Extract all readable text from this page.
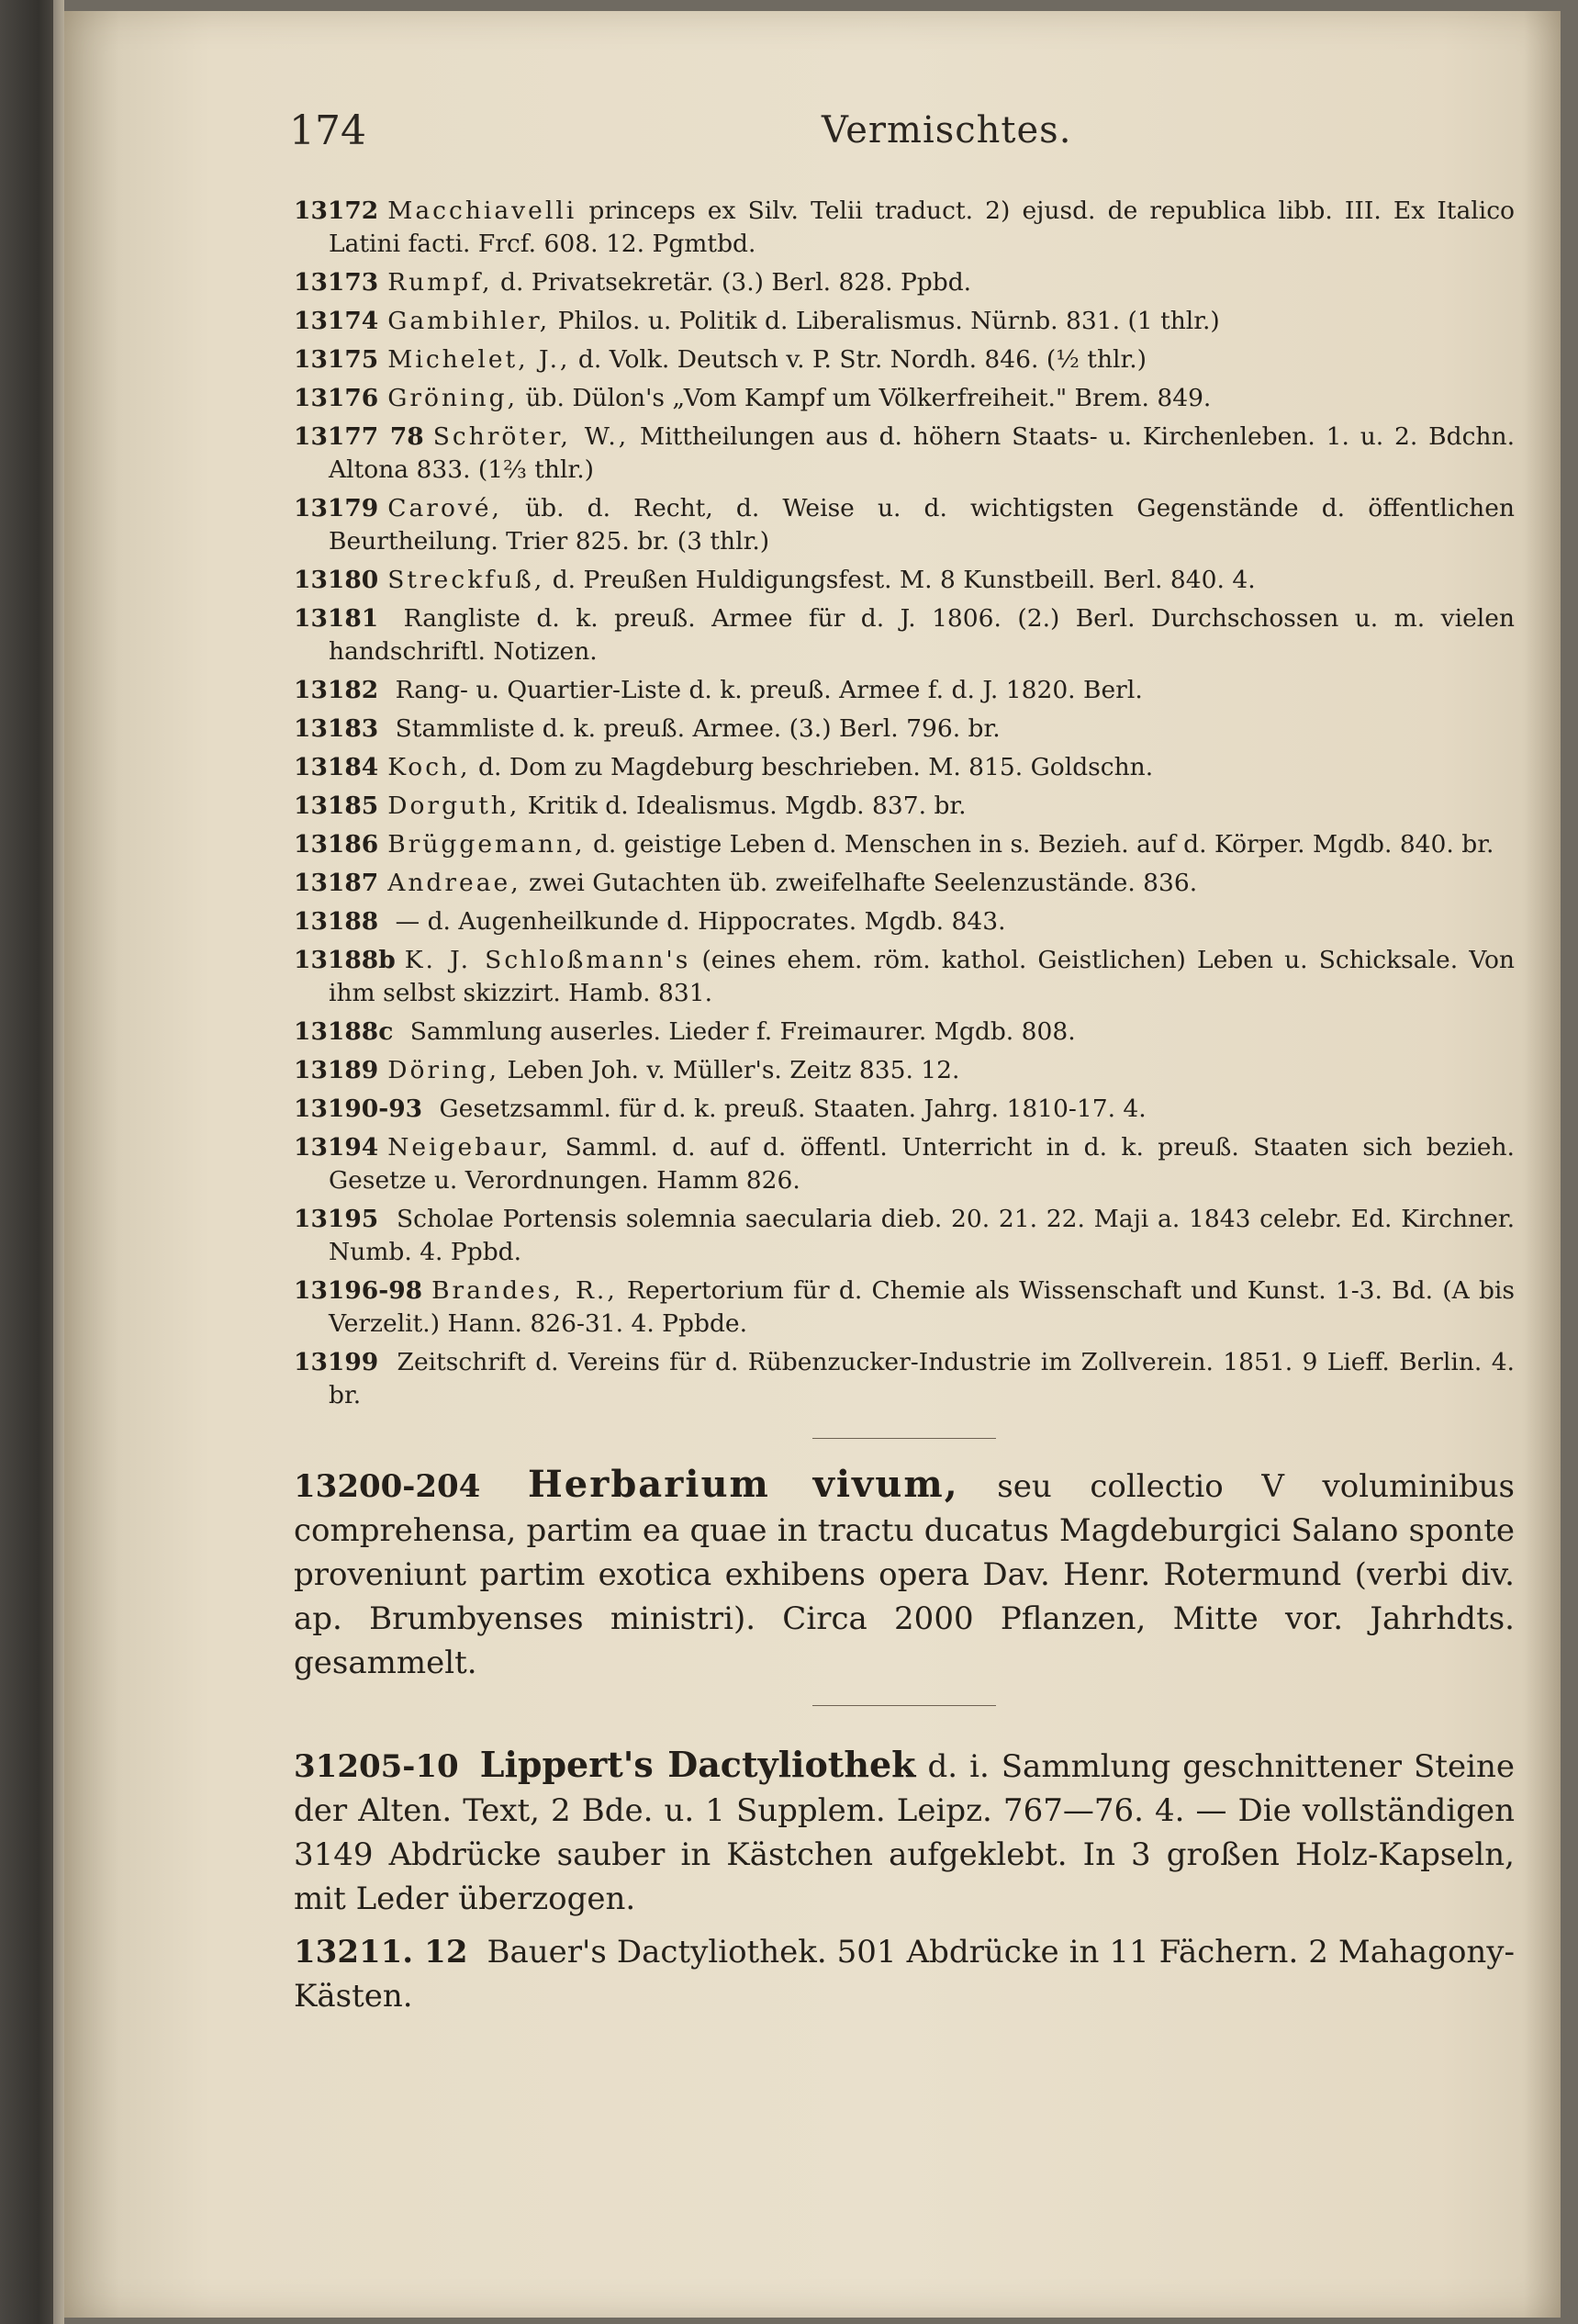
174	Vermischtes.
13172 Macchiavelli princeps ex Silv. Telii traduct. 2) ejusd. de republica libb. III. Ex Italico Latini facti. Frcf. 608. 12. Pgmtbd.
13173 Rumpf, d. Privatsekretär. (3.) Berl. 828. Ppbd.
13174 Gambihler, Philos. u. Politik d. Liberalismus. Nürnb. 831. (1 thlr.)
13175 Michelet, J., d. Volk. Deutsch v. P. Str. Nordh. 846. (½ thlr.)
13176 Gröning, üb. Dülon's „Vom Kampf um Völkerfreiheit." Brem. 849.
13177 78 Schröter, W., Mittheilungen aus d. höhern Staats- u. Kirchenleben. 1. u. 2. Bdchn. Altona 833. (1⅔ thlr.)
13179 Carové, üb. d. Recht, d. Weise u. d. wichtigsten Gegenstände d. öffentlichen Beurtheilung. Trier 825. br. (3 thlr.)
13180 Streckfuß, d. Preußen Huldigungsfest. M. 8 Kunstbeill. Berl. 840. 4.
13181 Rangliste d. k. preuß. Armee für d. J. 1806. (2.) Berl. Durchschossen u. m. vielen handschriftl. Notizen.
13182 Rang- u. Quartier-Liste d. k. preuß. Armee f. d. J. 1820. Berl.
13183 Stammliste d. k. preuß. Armee. (3.) Berl. 796. br.
13184 Koch, d. Dom zu Magdeburg beschrieben. M. 815. Goldschn.
13185 Dorguth, Kritik d. Idealismus. Mgdb. 837. br.
13186 Brüggemann, d. geistige Leben d. Menschen in s. Bezieh. auf d. Körper. Mgdb. 840. br.
13187 Andreae, zwei Gutachten üb. zweifelhafte Seelenzustände. 836.
13188 — d. Augenheilkunde d. Hippocrates. Mgdb. 843.
13188b K. J. Schloßmann's (eines ehem. röm. kathol. Geistlichen) Leben u. Schicksale. Von ihm selbst skizzirt. Hamb. 831.
13188c Sammlung auserles. Lieder f. Freimaurer. Mgdb. 808.
13189 Döring, Leben Joh. v. Müller's. Zeitz 835. 12.
13190-93 Gesetzsamml. für d. k. preuß. Staaten. Jahrg. 1810-17. 4.
13194 Neigebaur, Samml. d. auf d. öffentl. Unterricht in d. k. preuß. Staaten sich bezieh. Gesetze u. Verordnungen. Hamm 826.
13195 Scholae Portensis solemnia saecularia dieb. 20. 21. 22. Maji a. 1843 celebr. Ed. Kirchner. Numb. 4. Ppbd.
13196-98 Brandes, R., Repertorium für d. Chemie als Wissenschaft und Kunst. 1-3. Bd. (A bis Verzelit.) Hann. 826-31. 4. Ppbde.
13199 Zeitschrift d. Vereins für d. Rübenzucker-Industrie im Zollverein. 1851. 9 Lieff. Berlin. 4. br.
13200-204 Herbarium vivum, seu collectio V voluminibus comprehensa, partim ea quae in tractu ducatus Magdeburgici Salano sponte proveniunt partim exotica exhibens opera Dav. Henr. Rotermund (verbi div. ap. Brumbyenses ministri). Circa 2000 Pflanzen, Mitte vor. Jahrhdts. gesammelt.
31205-10 Lippert's Dactyliothek d. i. Sammlung geschnittener Steine der Alten. Text, 2 Bde. u. 1 Supplem. Leipz. 767—76. 4. — Die vollständigen 3149 Abdrücke sauber in Kästchen aufgeklebt. In 3 großen Holz-Kapseln, mit Leder überzogen.
13211. 12 Bauer's Dactyliothek. 501 Abdrücke in 11 Fächern. 2 Mahagony-Kästen.
